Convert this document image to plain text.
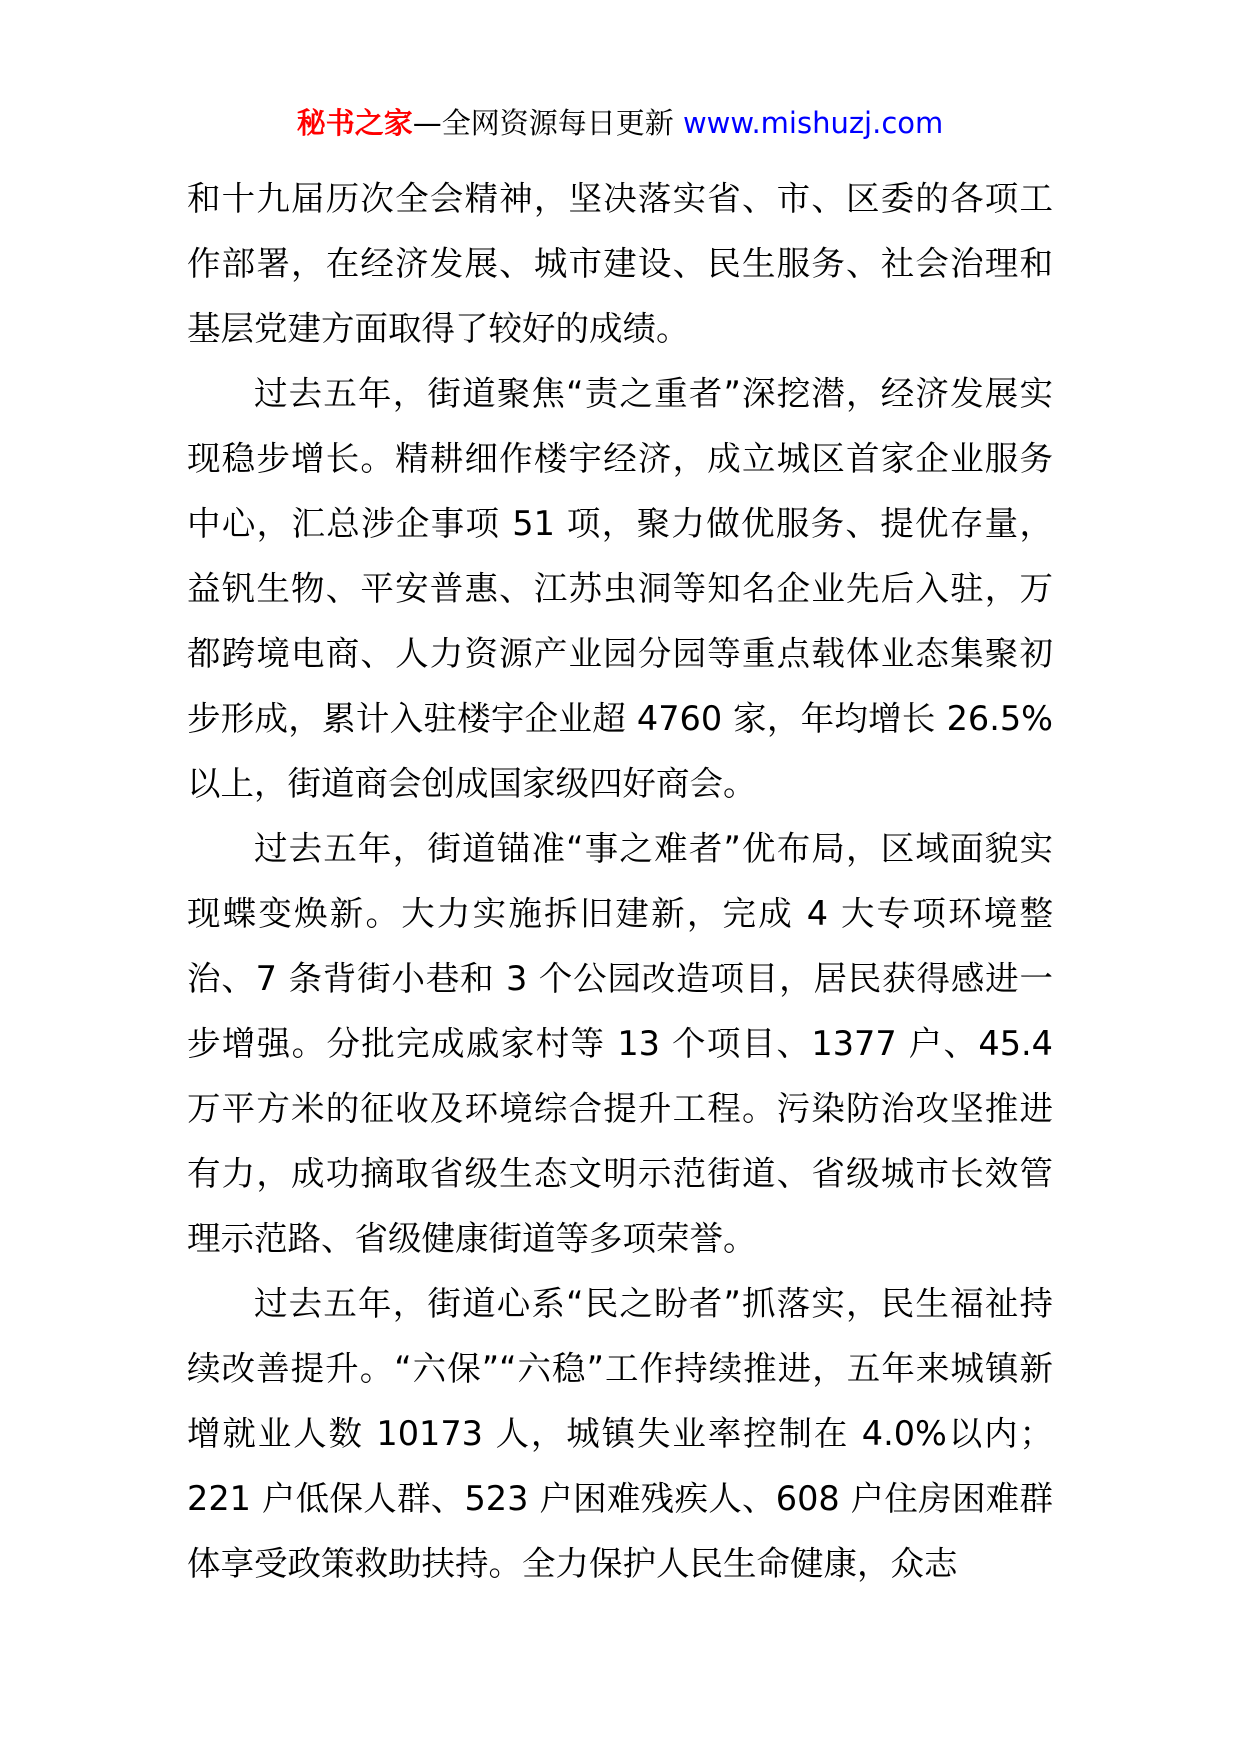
秘书之家—全网资源每日更新 www.mishuzj.com

和十九届历次全会精神，坚决落实省、市、区委的各项工作部署，在经济发展、城市建设、民生服务、社会治理和基层党建方面取得了较好的成绩。

过去五年，街道聚焦“责之重者”深挖潜，经济发展实现稳步增长。精耕细作楼宇经济，成立城区首家企业服务中心，汇总涉企事项 51 项，聚力做优服务、提优存量，益钒生物、平安普惠、江苏虫洞等知名企业先后入驻，万都跨境电商、人力资源产业园分园等重点载体业态集聚初步形成，累计入驻楼宇企业超 4760 家，年均增长 26.5%以上，街道商会创成国家级四好商会。

过去五年，街道锚准“事之难者”优布局，区域面貌实现蝶变焕新。大力实施拆旧建新，完成 4 大专项环境整治、7 条背街小巷和 3 个公园改造项目，居民获得感进一步增强。分批完成戚家村等 13 个项目、1377 户、45.4 万平方米的征收及环境综合提升工程。污染防治攻坚推进有力，成功摘取省级生态文明示范街道、省级城市长效管理示范路、省级健康街道等多项荣誉。

过去五年，街道心系“民之盼者”抓落实，民生福祉持续改善提升。“六保”“六稳”工作持续推进，五年来城镇新增就业人数 10173 人，城镇失业率控制在 4.0%以内；221 户低保人群、523 户困难残疾人、608 户住房困难群体享受政策救助扶持。全力保护人民生命健康，众志
